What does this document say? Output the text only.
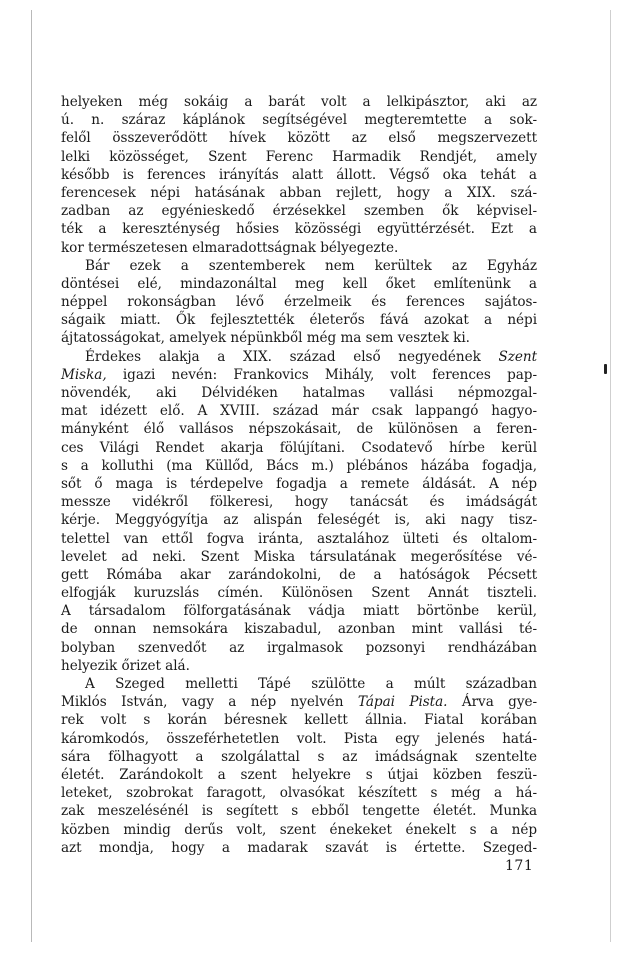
helyeken még sokáig a barát volt a lelkipásztor, aki az
ú. n. száraz káplánok segítségével megteremtette a sok-
felől összeverődött hívek között az első megszervezett
lelki közösséget, Szent Ferenc Harmadik Rendjét, amely
később is ferences irányítás alatt állott. Végső oka tehát a
ferencesek népi hatásának abban rejlett, hogy a XIX. szá-
zadban az egyénieskedő érzésekkel szemben ők képvisel-
ték a kereszténység hősies közösségi együttérzését. Ezt a
kor természetesen elmaradottságnak bélyegezte.
Bár ezek a szentemberek nem kerültek az Egyház
döntései elé, mindazonáltal meg kell őket említenünk a
néppel rokonságban lévő érzelmeik és ferences sajátos-
ságaik miatt. Ők fejlesztették életerős fává azokat a népi
ájtatosságokat, amelyek népünkből még ma sem vesztek ki.
Érdekes alakja a XIX. század első negyedének Szent
Miska, igazi nevén: Frankovics Mihály, volt ferences pap-
növendék, aki Délvidéken hatalmas vallási népmozgal-
mat idézett elő. A XVIII. század már csak lappangó hagyo-
mányként élő vallásos népszokásait, de különösen a feren-
ces Világi Rendet akarja fölújítani. Csodatevő hírbe kerül
s a kolluthi (ma Küllőd, Bács m.) plébános házába fogadja,
sőt ő maga is térdepelve fogadja a remete áldását. A nép
messze vidékről fölkeresi, hogy tanácsát és imádságát
kérje. Meggyógyítja az alispán feleségét is, aki nagy tisz-
telettel van ettől fogva iránta, asztalához ülteti és oltalom-
levelet ad neki. Szent Miska társulatának megerősítése vé-
gett Rómába akar zarándokolni, de a hatóságok Pécsett
elfogják kuruzslás címén. Különösen Szent Annát tiszteli.
A társadalom fölforgatásának vádja miatt börtönbe kerül,
de onnan nemsokára kiszabadul, azonban mint vallási té-
bolyban szenvedőt az irgalmasok pozsonyi rendházában
helyezik őrizet alá.
A Szeged melletti Tápé szülötte a múlt században
Miklós István, vagy a nép nyelvén Tápai Pista. Árva gye-
rek volt s korán béresnek kellett állnia. Fiatal korában
káromkodós, összeférhetetlen volt. Pista egy jelenés hatá-
sára fölhagyott a szolgálattal s az imádságnak szentelte
életét. Zarándokolt a szent helyekre s útjai közben feszü-
leteket, szobrokat faragott, olvasókat készített s még a há-
zak meszelésénél is segített s ebből tengette életét. Munka
közben mindig derűs volt, szent énekeket énekelt s a nép
azt mondja, hogy a madarak szavát is értette. Szeged-
171
